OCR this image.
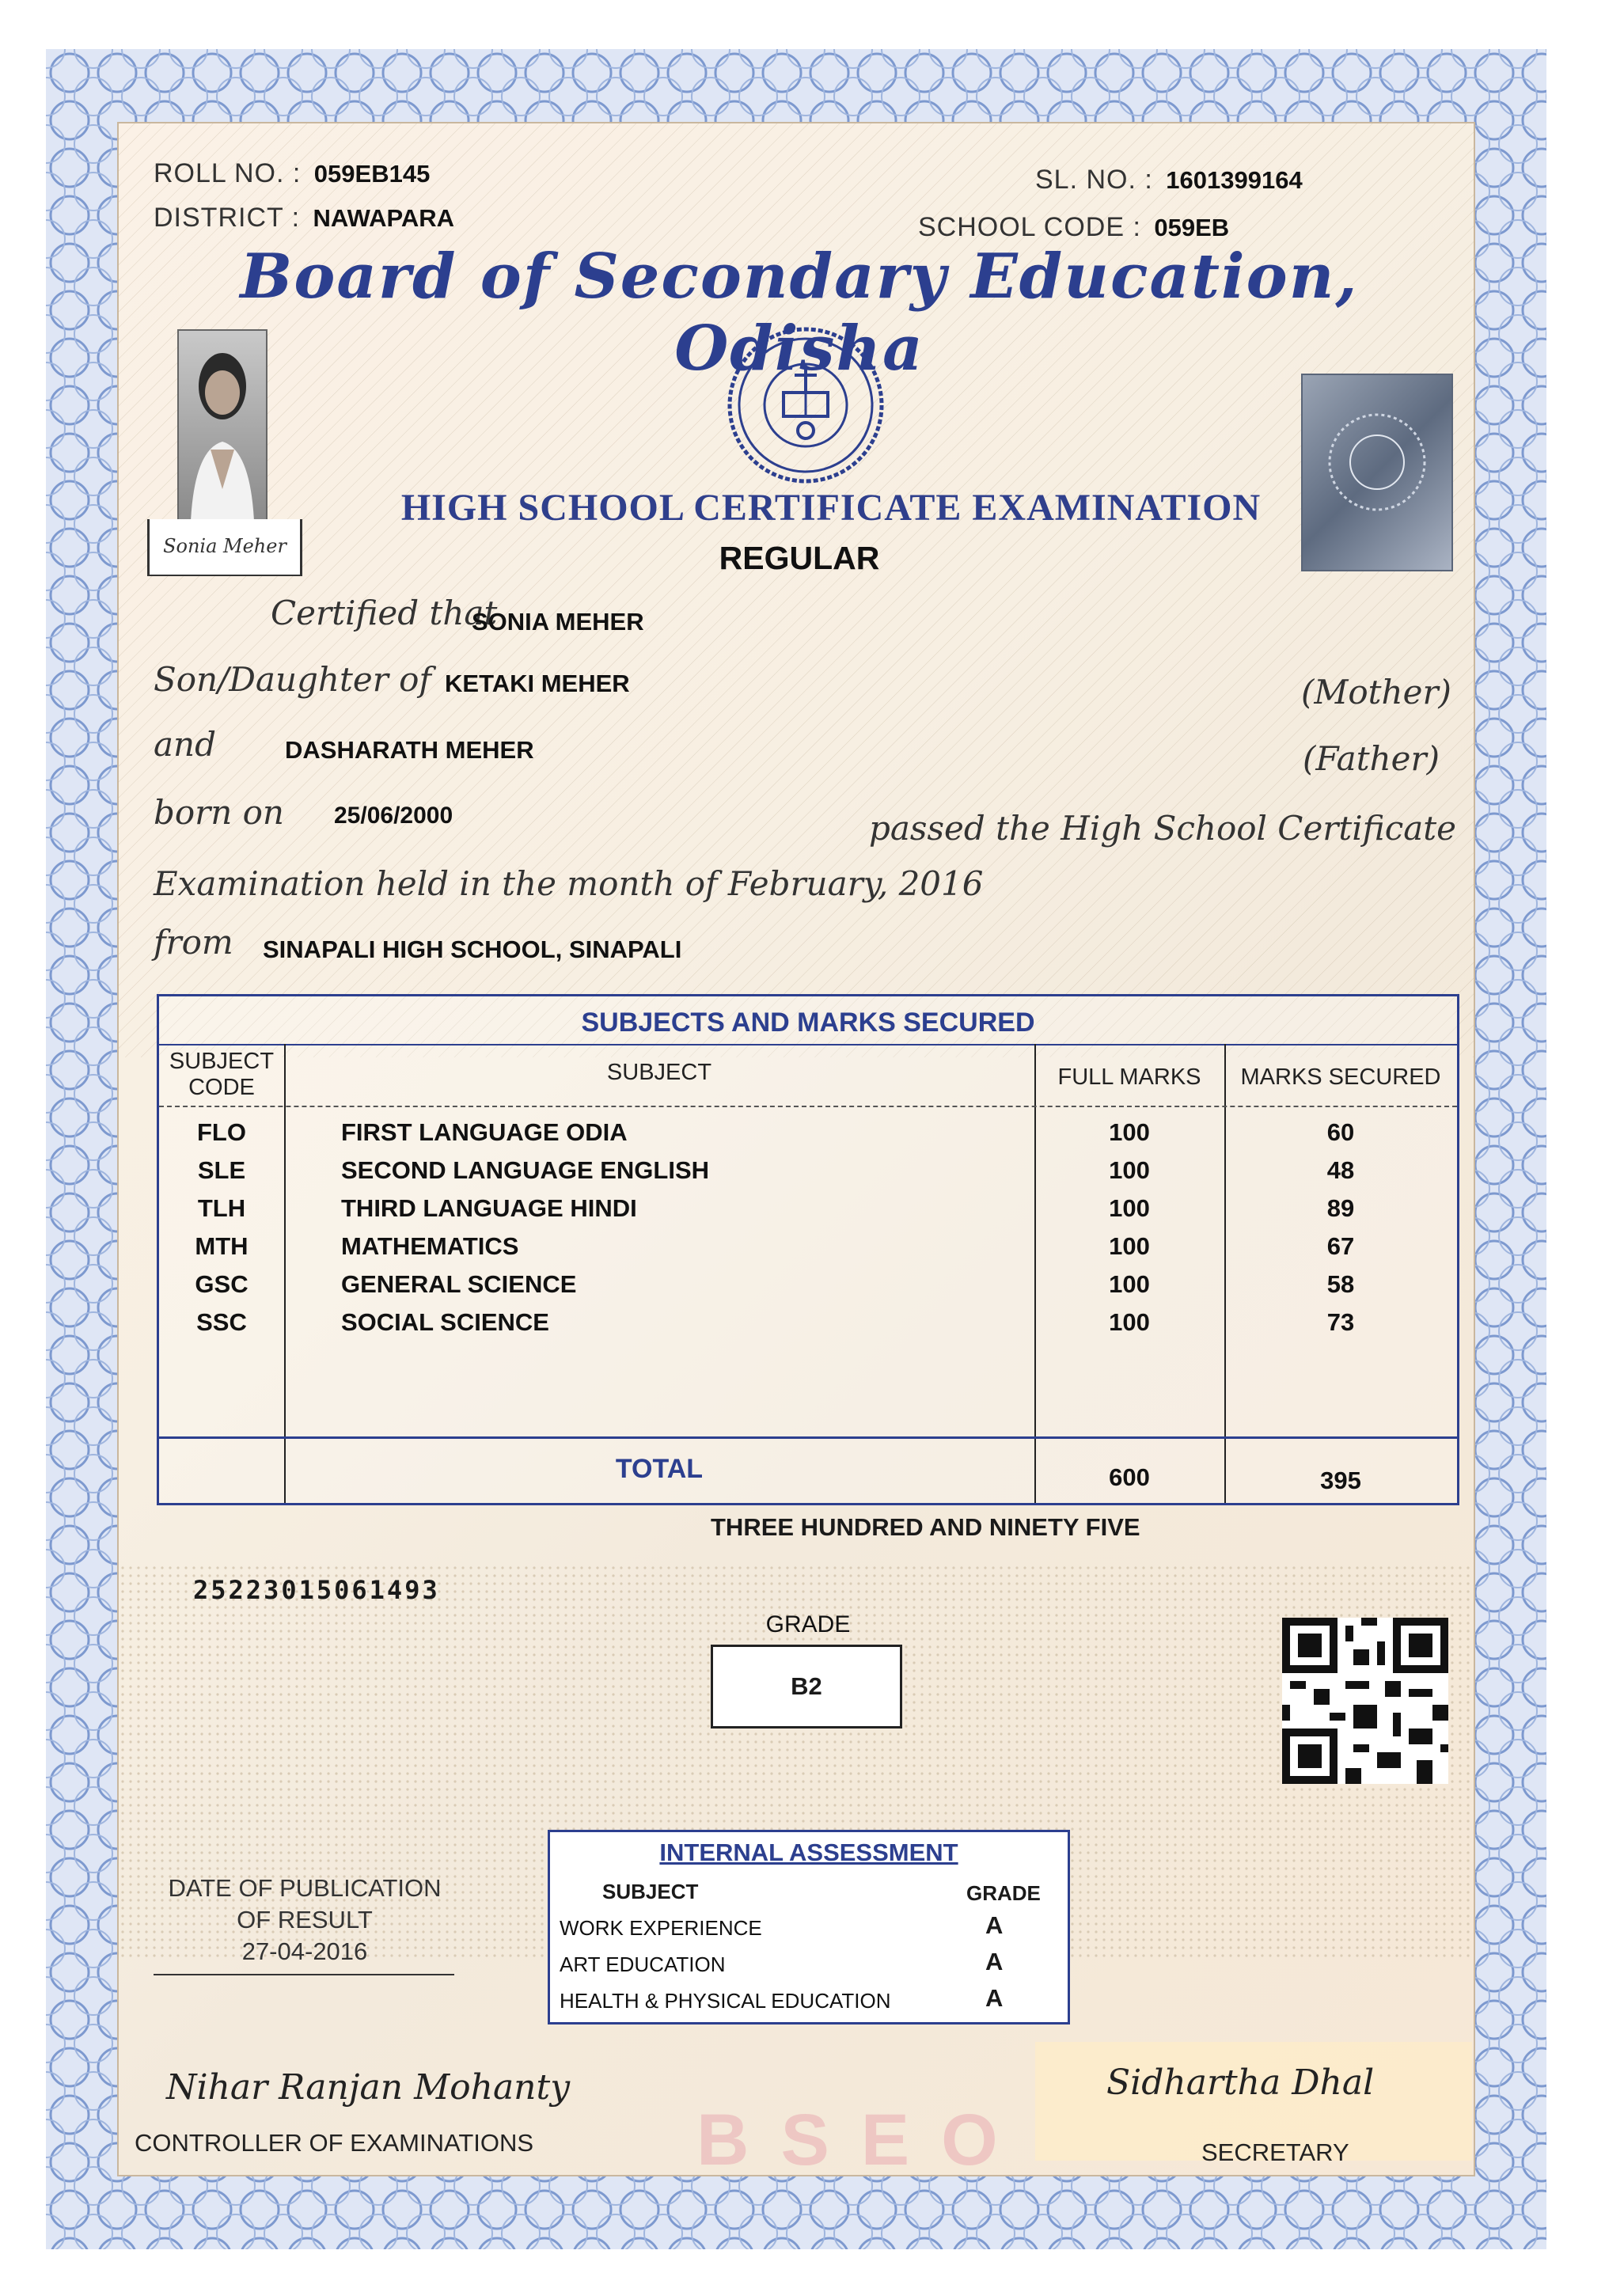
ROLL NO. : 059EB145
DISTRICT : NAWAPARA
SL. NO. : 1601399164
SCHOOL CODE : 059EB
Board of Secondary Education, Odisha
Sonia Meher
HIGH SCHOOL CERTIFICATE EXAMINATION
REGULAR
Certified that
SONIA MEHER
Son/Daughter of KETAKI MEHER	(Mother)
and	DASHARATH MEHER	(Father)
born on 25/06/2000	passed the High School Certificate
Examination held in the month of February, 2016
from SINAPALI HIGH SCHOOL, SINAPALI
SUBJECTS AND MARKS SECURED
SUBJECT CODE
SUBJECT	FULL MARKS	MARKS SECURED
FLO	FIRST LANGUAGE ODIA	100	60
SLE	SECOND LANGUAGE ENGLISH	100	48
TLH	THIRD LANGUAGE HINDI	100	89
MTH	MATHEMATICS	100	67
GSC	GENERAL SCIENCE	100	58
SSC	SOCIAL SCIENCE	100	73
TOTAL	600	395
THREE HUNDRED AND NINETY FIVE
25223015061493
GRADE
B2
INTERNAL ASSESSMENT
SUBJECT	GRADE
WORK EXPERIENCE	A
ART EDUCATION	A
HEALTH & PHYSICAL EDUCATION	A
DATE OF PUBLICATION
OF RESULT
27-04-2016
BSEO
Nihar Ranjan Mohanty
CONTROLLER OF EXAMINATIONS
Sidhartha Dhal
SECRETARY
